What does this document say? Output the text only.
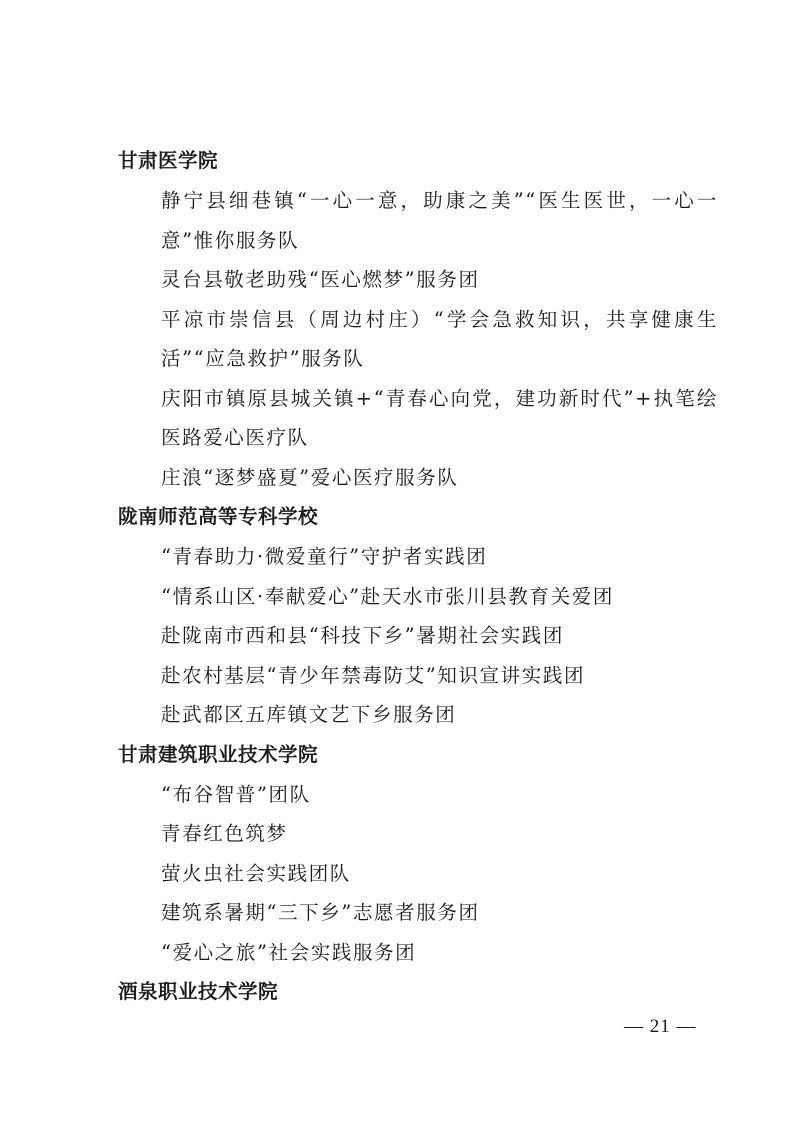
甘肃医学院
静宁县细巷镇“一心一意，助康之美”“医生医世，一心一意”惟你服务队
灵台县敬老助残“医心燃梦”服务团
平凉市崇信县（周边村庄）“学会急救知识，共享健康生活”“应急救护”服务队
庆阳市镇原县城关镇+“青春心向党，建功新时代”+执笔绘医路爱心医疗队
庄浪“逐梦盛夏”爱心医疗服务队
陇南师范高等专科学校
“青春助力·微爱童行”守护者实践团
“情系山区·奉献爱心”赴天水市张川县教育关爱团
赴陇南市西和县“科技下乡”暑期社会实践团
赴农村基层“青少年禁毒防艾”知识宣讲实践团
赴武都区五库镇文艺下乡服务团
甘肃建筑职业技术学院
“布谷智普”团队
青春红色筑梦
萤火虫社会实践团队
建筑系暑期“三下乡”志愿者服务团
“爱心之旅”社会实践服务团
酒泉职业技术学院
— 21 —
